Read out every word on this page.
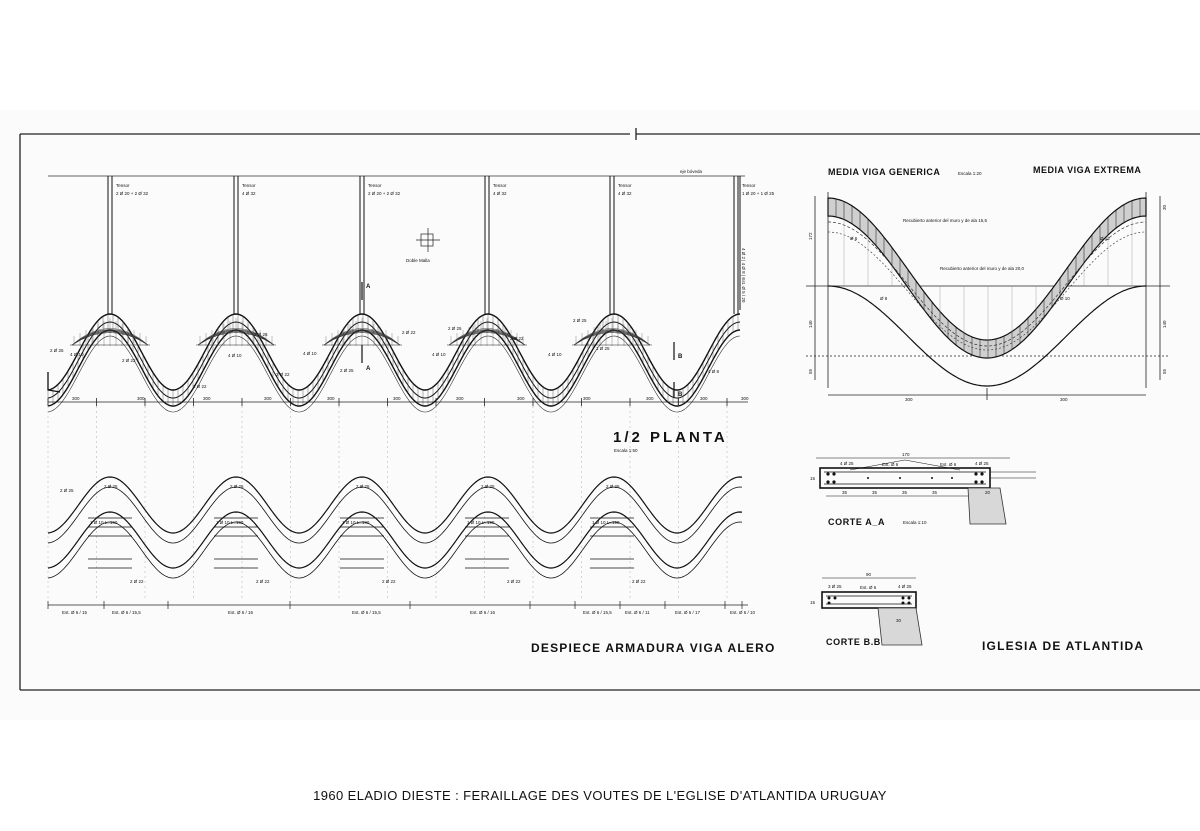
eje bóveda
2 Ø 25
4 Ø 10
2 Ø 22
2 Ø 22
4 Ø 10
2 Ø 25
2 Ø 22
4 Ø 10
2 Ø 25
2 Ø 22
4 Ø 10
2 Ø 25
2 Ø 22
4 Ø 10
2 Ø 25
1 Ø 25
4 Ø 8
300	300	300	300	300	300	300	300	300	300	300	300
Doble Malla
A
A
B
B
4 Ø 2 | 4 Ø 8 | Est. Ø 5 / 20
Tensor
2 Ø 20 + 2 Ø 32
Tensor
4 Ø 32
Tensor
2 Ø 20 + 2 Ø 32
Tensor
4 Ø 32
Tensor
4 Ø 32
Tensor
1 Ø 20 + 1 Ø 25
1/2 PLANTA
Escala 1:50
2 Ø 25
1 Ø 10 L=190
2 Ø 22
2 Ø 25
1 Ø 10 L=190
2 Ø 22
2 Ø 25
1 Ø 10 L=190
2 Ø 22
2 Ø 25
1 Ø 10 L=190
2 Ø 22
2 Ø 25
1 Ø 10 L=190
2 Ø 22
2 Ø 25
Est. Ø 6 / 15	Est. Ø 6 / 15,5	Est. Ø 6 / 16	Est. Ø 6 / 15,5	Est. Ø 6 / 16	Est. Ø 6 / 15,5	Est. Ø 6 / 11	Est. Ø 6 / 17	Est. Ø 6 / 10
DESPIECE ARMADURA VIGA ALERO
MEDIA VIGA GENERICA	Escala 1:20	MEDIA VIGA EXTREMA
Ø 6
Ø 8	Ø 10
Ø 12
Recubierto anterior del muro y de ala 15,5
Recubierto anterior del muro y de ala 20,0
172
140
55
30
140
55
300	300
4 Ø 25	Est. Ø 6	Est. Ø 6	4 Ø 25
170
35	35	35	35	20
15
CORTE A_A	Escala 1:10
3 Ø 25	Est. Ø 6	4 Ø 25
90
30
15
CORTE B.B	IGLESIA DE ATLANTIDA
1960 ELADIO DIESTE : FERAILLAGE DES VOUTES DE L'EGLISE D'ATLANTIDA URUGUAY
